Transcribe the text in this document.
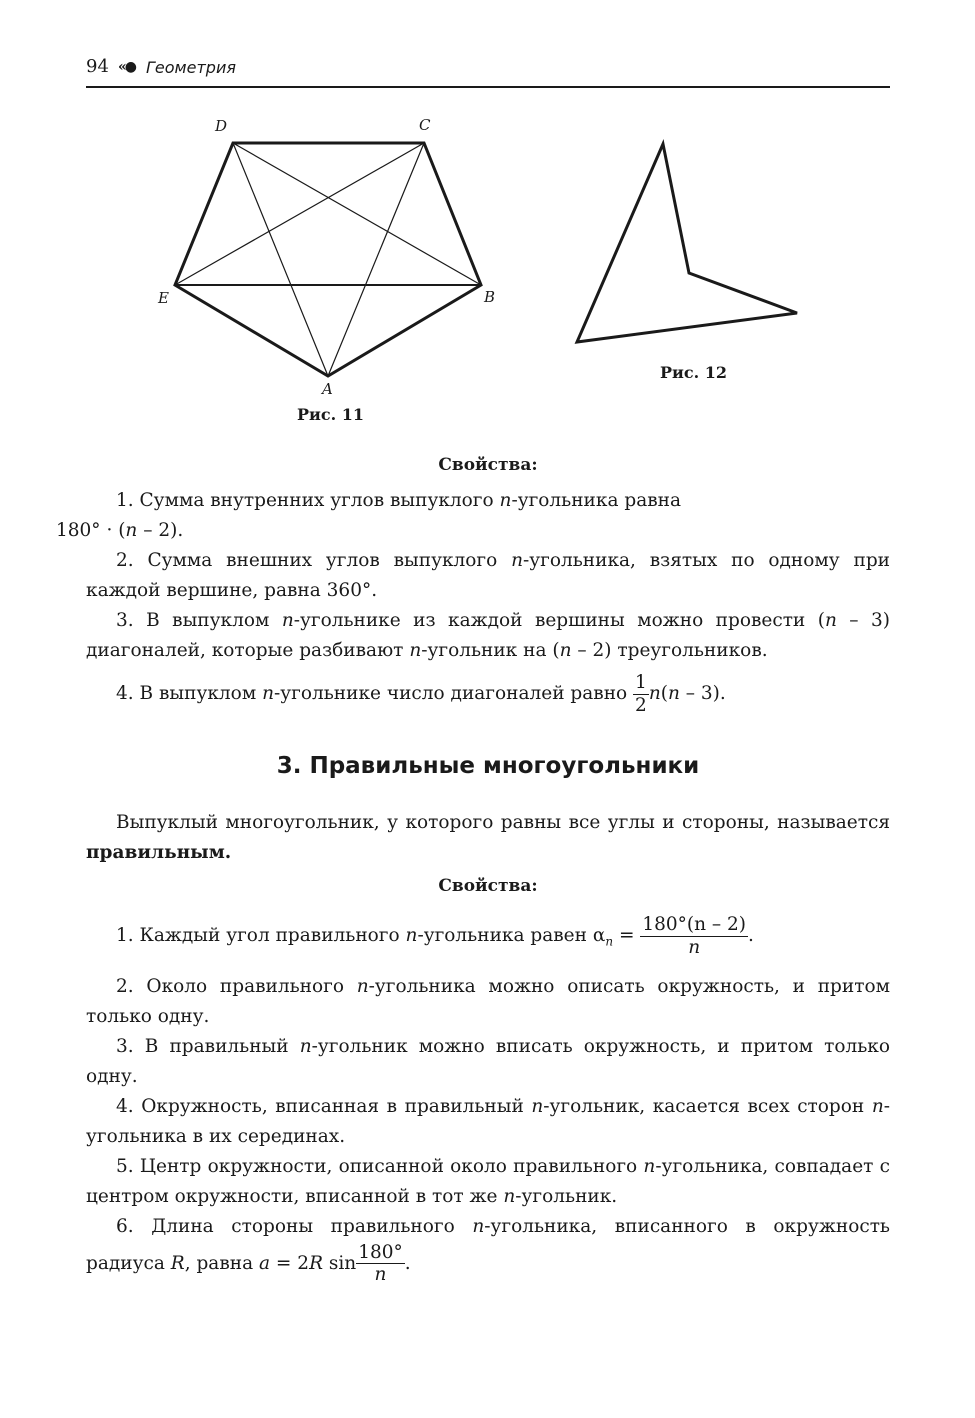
94 «● Геометрия
D	C
E	B
A
Рис. 11
Рис. 12
Свойства:

1. Сумма внутренних углов выпуклого n-угольника равна
180° · (n – 2).

2. Сумма внешних углов выпуклого n-угольника, взятых по одному при каждой вершине, равна 360°.

3. В выпуклом n-угольнике из каждой вершины можно провести (n – 3) диагоналей, которые разбивают n-угольник на (n – 2) треугольников.

4. В выпуклом n-угольнике число диагоналей равно $\frac{1}{2} n(n - 3)$.

3. Правильные многоугольники

Выпуклый многоугольник, у которого равны все углы и стороны, называется правильным.

Свойства:

1. Каждый угол правильного n-угольника равен $\alpha_n = \frac{180^\circ(n - 2)}{n}$ .

2. Около правильного n-угольника можно описать окружность, и притом только одну.

3. В правильный n-угольник можно вписать окружность, и притом только одну.

4. Окружность, вписанная в правильный n-угольник, касается всех сторон n-угольника в их серединах.

5. Центр окружности, описанной около правильного n-угольника, совпадает с центром окружности, вписанной в тот же n-угольник.

6. Длина стороны правильного n-угольника, вписанного в окружность радиуса R, равна a = 2R $\sin \frac{180^\circ}{n}$ .
